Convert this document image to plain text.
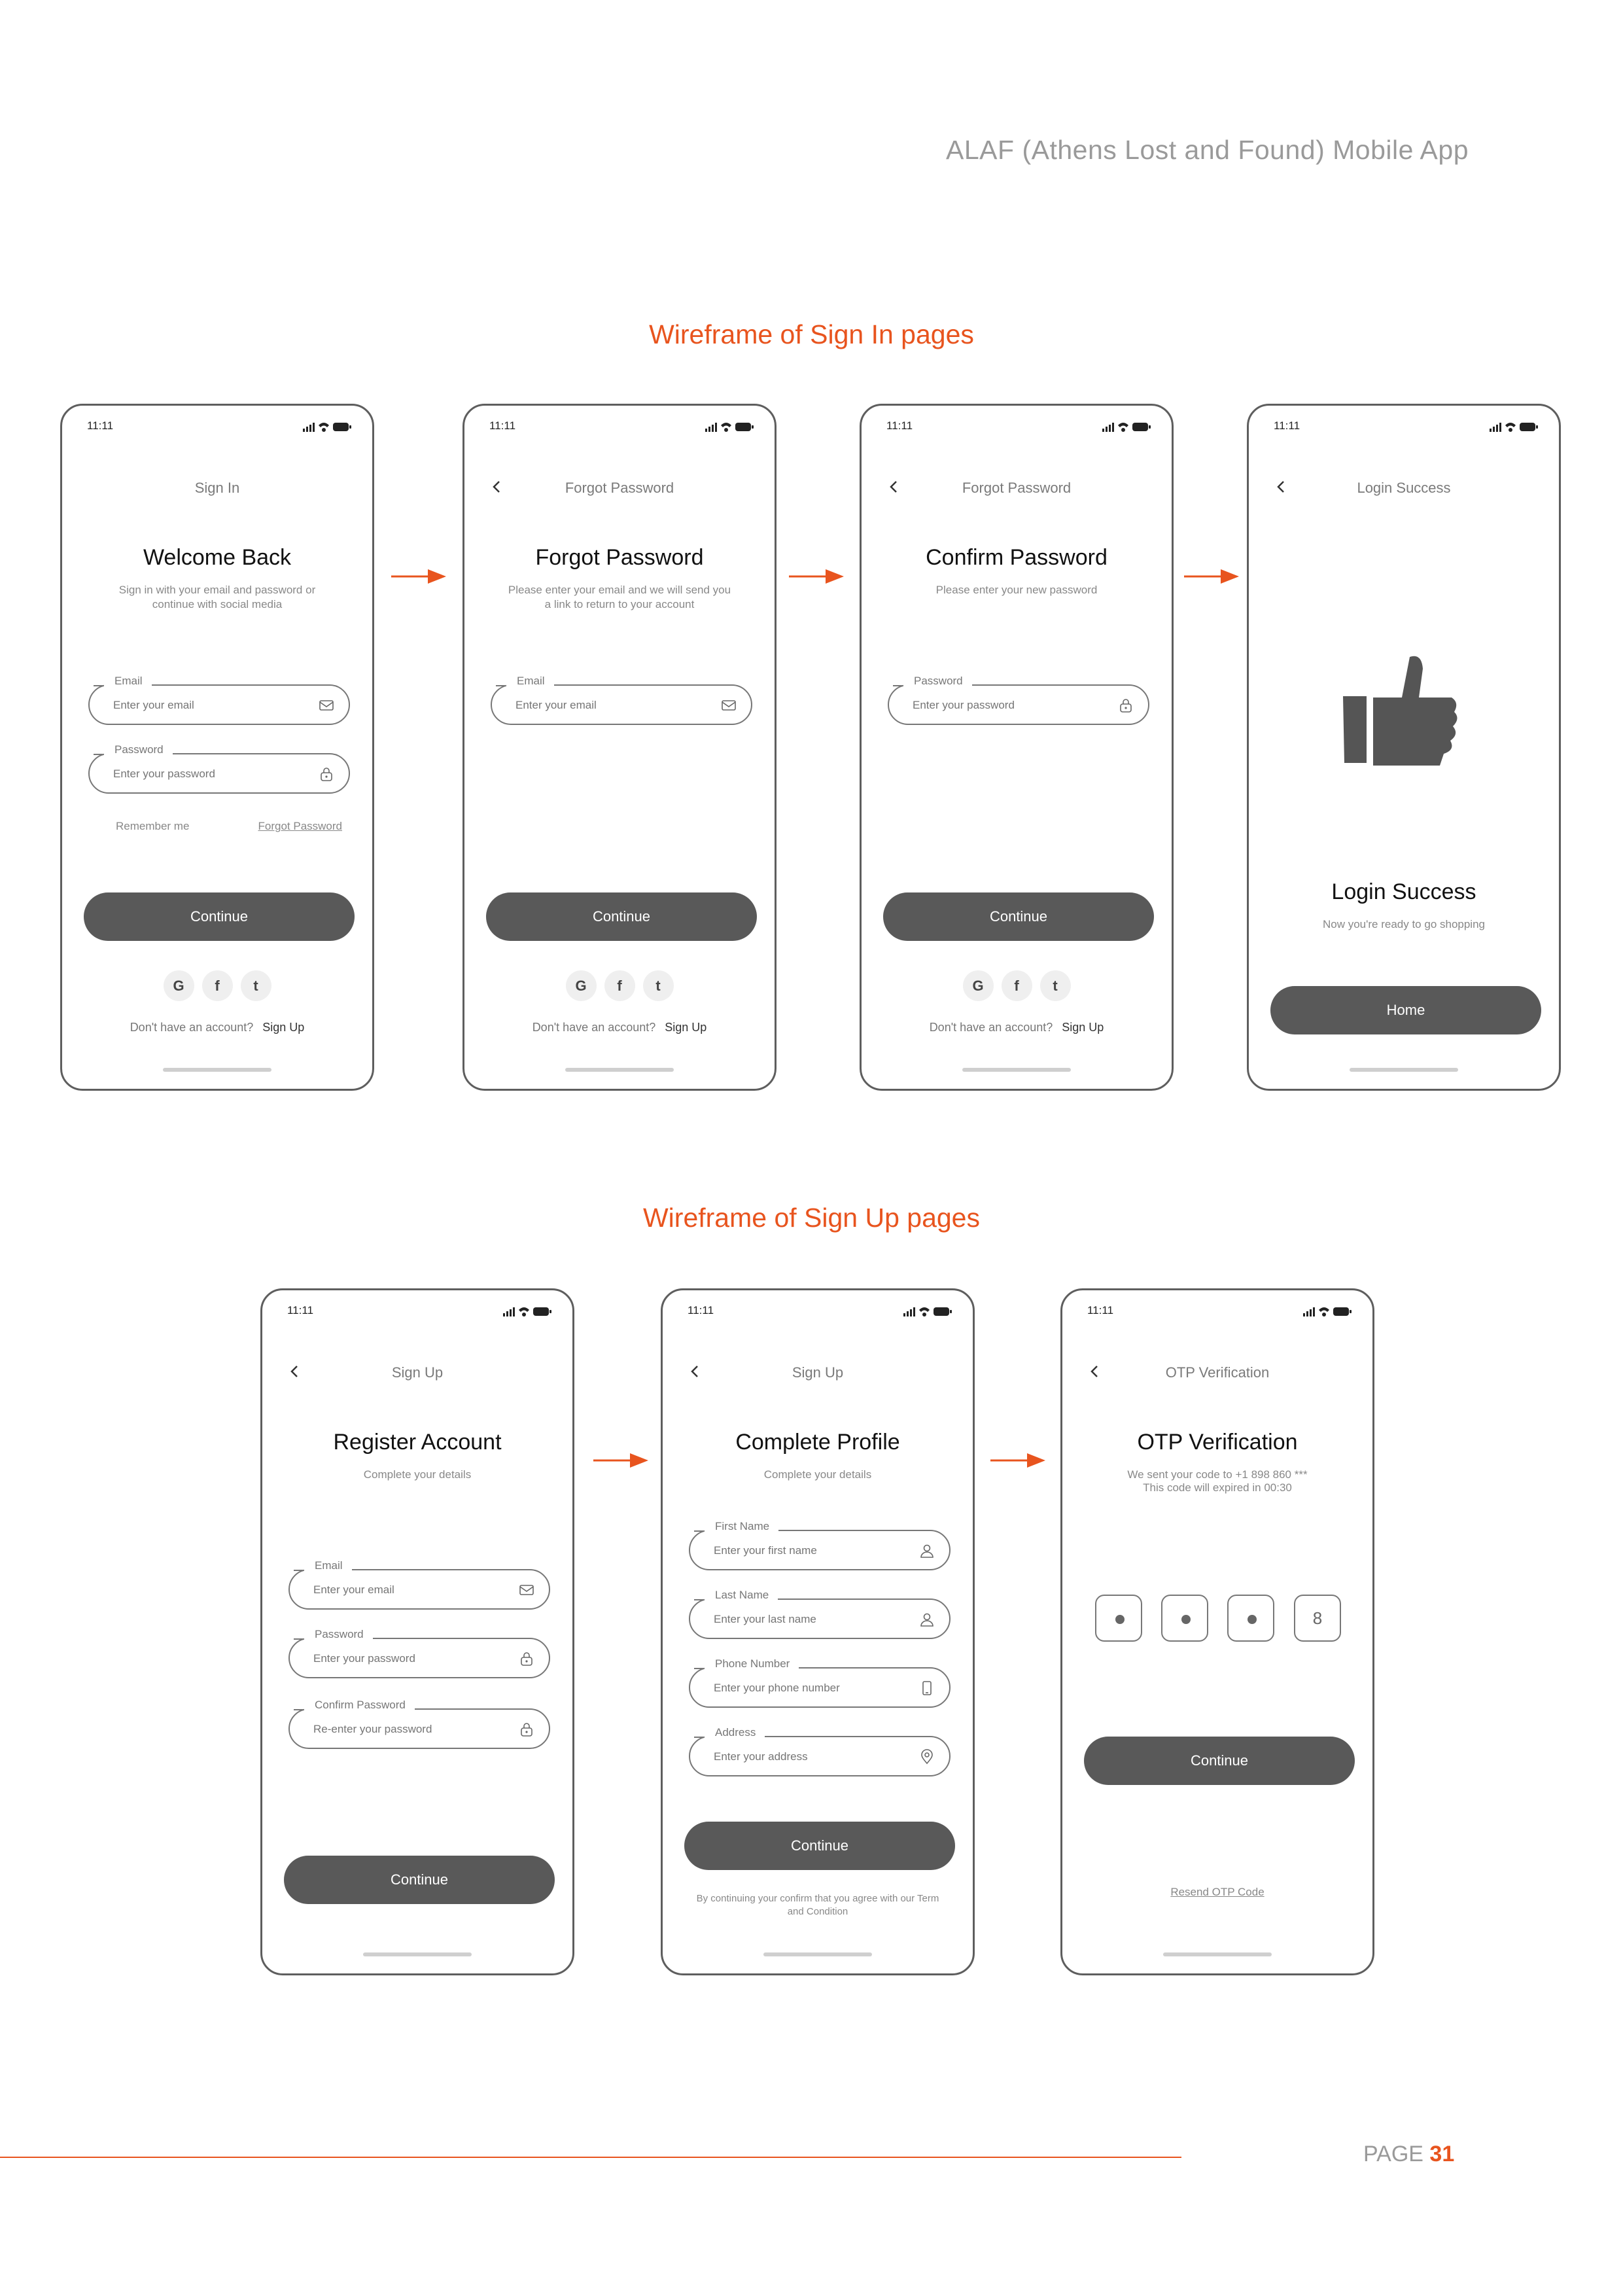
ALAF (Athens Lost and Found) Mobile App
Wireframe of Sign In pages
11:11
Sign In
Welcome Back
Sign in with your email and password or continue with social media
Email
Enter your email
Password
Enter your password
Remember me	Forgot Password
Continue
G	f	t
Don't have an account? Sign Up
11:11
Forgot Password
Forgot Password
Please enter your email and we will send you a link to return to your account
Email
Enter your email
Continue
G	f	t
Don't have an account? Sign Up
11:11
Forgot Password
Confirm Password
Please enter your new password
Password
Enter your password
Continue
G	f	t
Don't have an account? Sign Up
11:11
Login Success
Login Success
Now you're ready to go shopping
Home
Wireframe of Sign Up pages
11:11
Sign Up
Register Account
Complete your details
Email
Enter your email
Password
Enter your password
Confirm Password
Re-enter your password
Continue
11:11
Sign Up
Complete Profile
Complete your details
First Name
Enter your first name
Last Name
Enter your last name
Phone Number
Enter your phone number
Address
Enter your address
Continue
By continuing your confirm that you agree with our Term and Condition
11:11
OTP Verification
OTP Verification
We sent your code to +1 898 860 ***
This code will expired in 00:30
8
Continue
Resend OTP Code
PAGE 31
